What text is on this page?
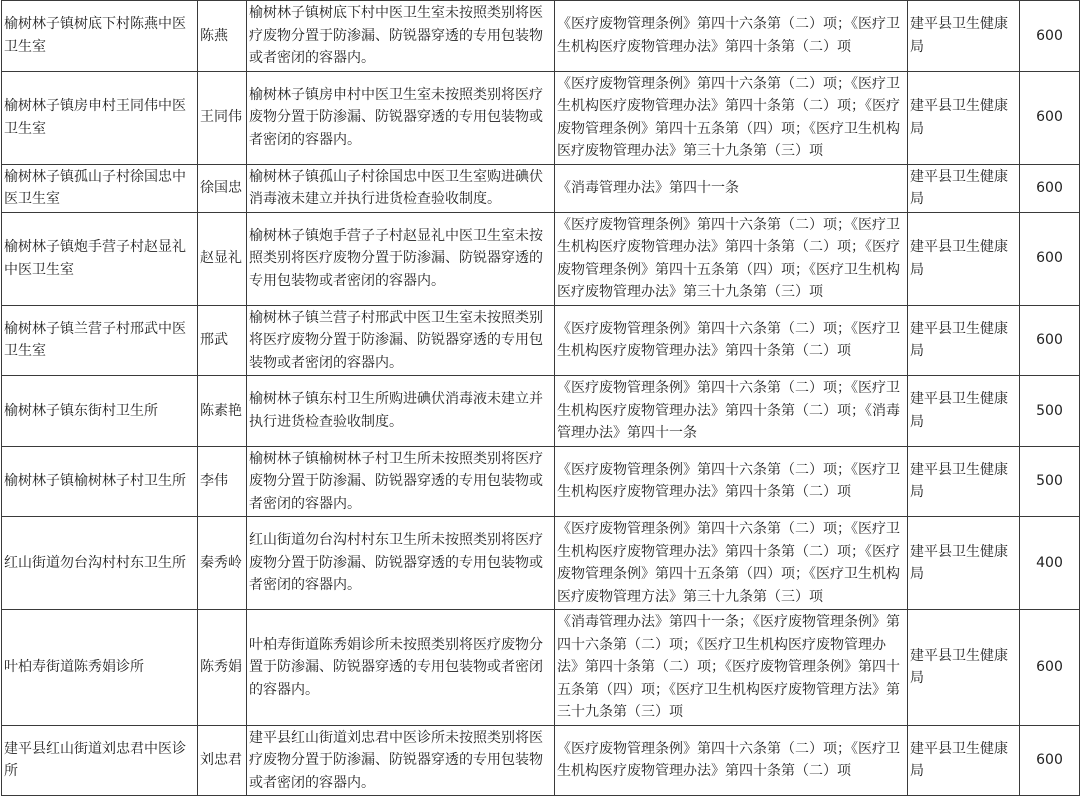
榆树林子镇树底下村陈燕中医卫生室	陈燕	榆树林子镇树底下村中医卫生室未按照类别将医疗废物分置于防渗漏、防锐器穿透的专用包装物或者密闭的容器内。	《医疗废物管理条例》第四十六条第（二）项；《医疗卫生机构医疗废物管理办法》第四十条第（二）项	建平县卫生健康局	600
榆树林子镇房申村王同伟中医卫生室	王同伟	榆树林子镇房申村中医卫生室未按照类别将医疗废物分置于防渗漏、防锐器穿透的专用包装物或者密闭的容器内。	《医疗废物管理条例》第四十六条第（二）项；《医疗卫生机构医疗废物管理办法》第四十条第（二）项；《医疗废物管理条例》第四十五条第（四）项；《医疗卫生机构医疗废物管理办法》第三十九条第（三）项	建平县卫生健康局	600
榆树林子镇孤山子村徐国忠中医卫生室	徐国忠	榆树林子镇孤山子村徐国忠中医卫生室购进碘伏消毒液未建立并执行进货检查验收制度。	《消毒管理办法》第四十一条	建平县卫生健康局	600
榆树林子镇炮手营子村赵显礼中医卫生室	赵显礼	榆树林子镇炮手营子子村赵显礼中医卫生室未按照类别将医疗废物分置于防渗漏、防锐器穿透的专用包装物或者密闭的容器内。	《医疗废物管理条例》第四十六条第（二）项；《医疗卫生机构医疗废物管理办法》第四十条第（二）项；《医疗废物管理条例》第四十五条第（四）项；《医疗卫生机构医疗废物管理办法》第三十九条第（三）项	建平县卫生健康局	600
榆树林子镇兰营子村邢武中医卫生室	邢武	榆树林子镇兰营子村邢武中医卫生室未按照类别将医疗废物分置于防渗漏、防锐器穿透的专用包装物或者密闭的容器内。	《医疗废物管理条例》第四十六条第（二）项；《医疗卫生机构医疗废物管理办法》第四十条第（二）项	建平县卫生健康局	600
榆树林子镇东街村卫生所	陈素艳	榆树林子镇东村卫生所购进碘伏消毒液未建立并执行进货检查验收制度。	《医疗废物管理条例》第四十六条第（二）项；《医疗卫生机构医疗废物管理办法》第四十条第（二）项；《消毒管理办法》第四十一条	建平县卫生健康局	500
榆树林子镇榆树林子村卫生所	李伟	榆树林子镇榆树林子村卫生所未按照类别将医疗废物分置于防渗漏、防锐器穿透的专用包装物或者密闭的容器内。	《医疗废物管理条例》第四十六条第（二）项；《医疗卫生机构医疗废物管理办法》第四十条第（二）项	建平县卫生健康局	500
红山街道勿台沟村村东卫生所	秦秀岭	红山街道勿台沟村村东卫生所未按照类别将医疗废物分置于防渗漏、防锐器穿透的专用包装物或者密闭的容器内。	《医疗废物管理条例》第四十六条第（二）项；《医疗卫生机构医疗废物管理办法》第四十条第（二）项；《医疗废物管理条例》第四十五条第（四）项；《医疗卫生机构医疗废物管理方法》第三十九条第（三）项	建平县卫生健康局	400
叶柏寿街道陈秀娟诊所	陈秀娟	叶柏寿街道陈秀娟诊所未按照类别将医疗废物分置于防渗漏、防锐器穿透的专用包装物或者密闭的容器内。	《消毒管理办法》第四十一条；《医疗废物管理条例》第四十六条第（二）项；《医疗卫生机构医疗废物管理办法》第四十条第（二）项；《医疗废物管理条例》第四十五条第（四）项；《医疗卫生机构医疗废物管理方法》第三十九条第（三）项	建平县卫生健康局	600
建平县红山街道刘忠君中医诊所	刘忠君	建平县红山街道刘忠君中医诊所未按照类别将医疗废物分置于防渗漏、防锐器穿透的专用包装物或者密闭的容器内。	《医疗废物管理条例》第四十六条第（二）项；《医疗卫生机构医疗废物管理办法》第四十条第（二）项	建平县卫生健康局	600
